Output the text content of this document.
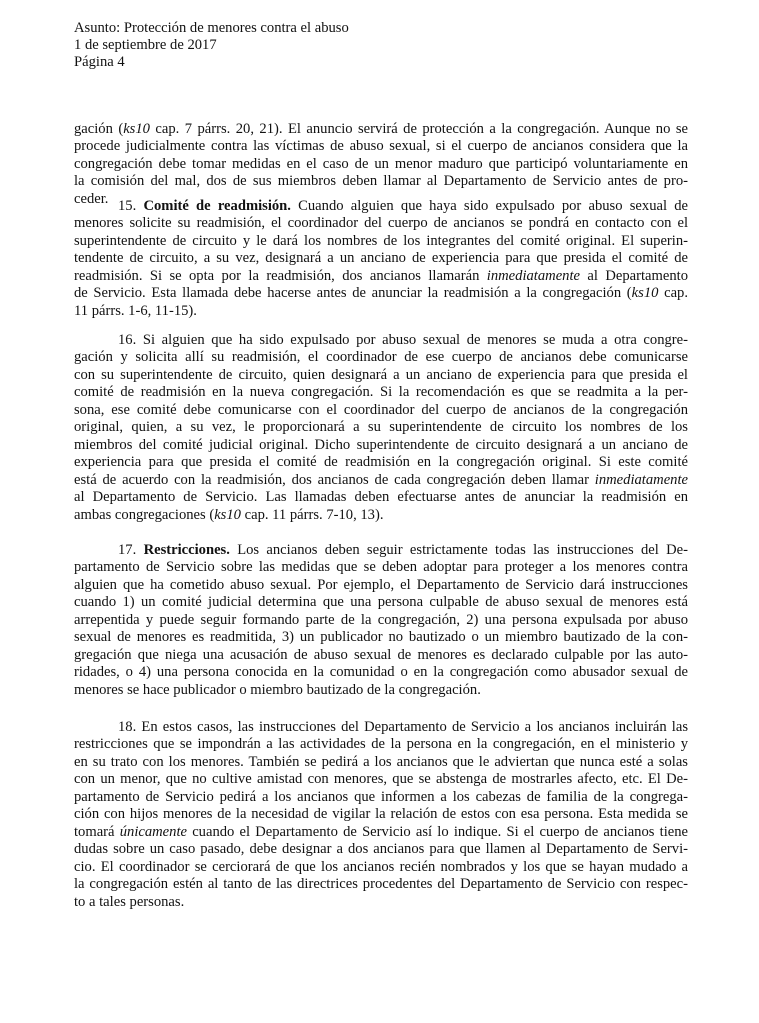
Asunto: Protección de menores contra el abuso
1 de septiembre de 2017
Página 4
gación (ks10 cap. 7 párrs. 20, 21). El anuncio servirá de protección a la congregación. Aunque no se
procede judicialmente contra las víctimas de abuso sexual, si el cuerpo de ancianos considera que la
congregación debe tomar medidas en el caso de un menor maduro que participó voluntariamente en
la comisión del mal, dos de sus miembros deben llamar al Departamento de Servicio antes de pro-
ceder. 15. Comité de readmisión. Cuando alguien que haya sido expulsado por abuso sexual de
menores solicite su readmisión, el coordinador del cuerpo de ancianos se pondrá en contacto con el
superintendente de circuito y le dará los nombres de los integrantes del comité original. El superin-
tendente de circuito, a su vez, designará a un anciano de experiencia para que presida el comité de
readmisión. Si se opta por la readmisión, dos ancianos llamarán inmediatamente al Departamento
de Servicio. Esta llamada debe hacerse antes de anunciar la readmisión a la congregación (ks10 cap.
11 párrs. 1-6, 11-15).
16. Si alguien que ha sido expulsado por abuso sexual de menores se muda a otra congre-
gación y solicita allí su readmisión, el coordinador de ese cuerpo de ancianos debe comunicarse
con su superintendente de circuito, quien designará a un anciano de experiencia para que presida el
comité de readmisión en la nueva congregación. Si la recomendación es que se readmita a la per-
sona, ese comité debe comunicarse con el coordinador del cuerpo de ancianos de la congregación
original, quien, a su vez, le proporcionará a su superintendente de circuito los nombres de los
miembros del comité judicial original. Dicho superintendente de circuito designará a un anciano de
experiencia para que presida el comité de readmisión en la congregación original. Si este comité
está de acuerdo con la readmisión, dos ancianos de cada congregación deben llamar inmediatamente
al Departamento de Servicio. Las llamadas deben efectuarse antes de anunciar la readmisión en
ambas congregaciones (ks10 cap. 11 párrs. 7-10, 13).
17. Restricciones. Los ancianos deben seguir estrictamente todas las instrucciones del De-
partamento de Servicio sobre las medidas que se deben adoptar para proteger a los menores contra
alguien que ha cometido abuso sexual. Por ejemplo, el Departamento de Servicio dará instrucciones
cuando 1) un comité judicial determina que una persona culpable de abuso sexual de menores está
arrepentida y puede seguir formando parte de la congregación, 2) una persona expulsada por abuso
sexual de menores es readmitida, 3) un publicador no bautizado o un miembro bautizado de la con-
gregación que niega una acusación de abuso sexual de menores es declarado culpable por las auto-
ridades, o 4) una persona conocida en la comunidad o en la congregación como abusador sexual de
menores se hace publicador o miembro bautizado de la congregación.
18. En estos casos, las instrucciones del Departamento de Servicio a los ancianos incluirán las
restricciones que se impondrán a las actividades de la persona en la congregación, en el ministerio y
en su trato con los menores. También se pedirá a los ancianos que le adviertan que nunca esté a solas
con un menor, que no cultive amistad con menores, que se abstenga de mostrarles afecto, etc. El De-
partamento de Servicio pedirá a los ancianos que informen a los cabezas de familia de la congrega-
ción con hijos menores de la necesidad de vigilar la relación de estos con esa persona. Esta medida se
tomará únicamente cuando el Departamento de Servicio así lo indique. Si el cuerpo de ancianos tiene
dudas sobre un caso pasado, debe designar a dos ancianos para que llamen al Departamento de Servi-
cio. El coordinador se cerciorará de que los ancianos recién nombrados y los que se hayan mudado a
la congregación estén al tanto de las directrices procedentes del Departamento de Servicio con respec-
to a tales personas.
